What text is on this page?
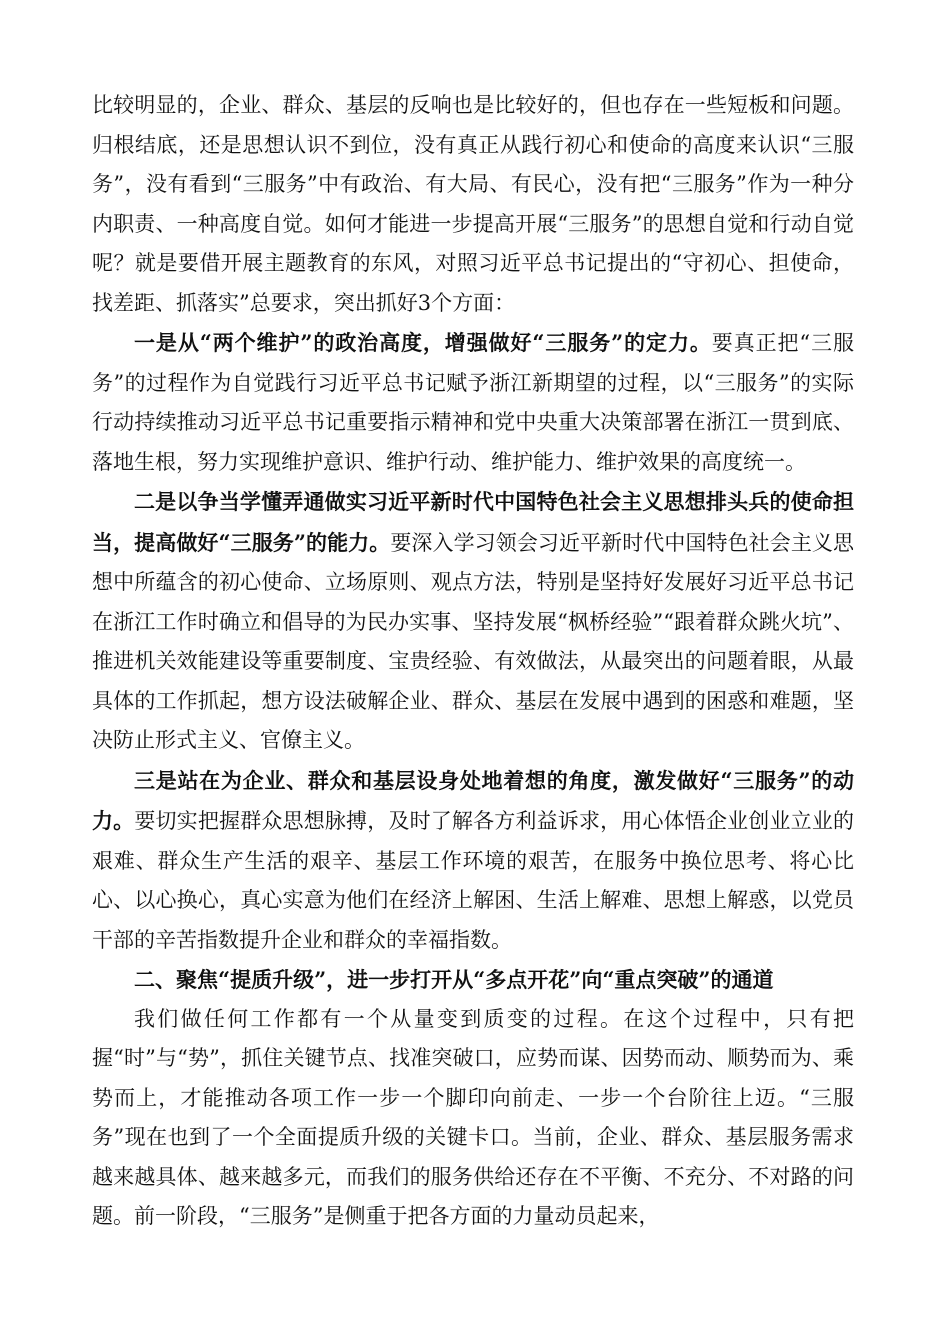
比较明显的，企业、群众、基层的反响也是比较好的，但也存在一些短板和问题。归根结底，还是思想认识不到位，没有真正从践行初心和使命的高度来认识“三服务”，没有看到“三服务”中有政治、有大局、有民心，没有把“三服务”作为一种分内职责、一种高度自觉。如何才能进一步提高开展“三服务”的思想自觉和行动自觉呢？就是要借开展主题教育的东风，对照习近平总书记提出的“守初心、担使命，找差距、抓落实”总要求，突出抓好3个方面：

一是从“两个维护”的政治高度，增强做好“三服务”的定力。要真正把“三服务”的过程作为自觉践行习近平总书记赋予浙江新期望的过程，以“三服务”的实际行动持续推动习近平总书记重要指示精神和党中央重大决策部署在浙江一贯到底、落地生根，努力实现维护意识、维护行动、维护能力、维护效果的高度统一。

二是以争当学懂弄通做实习近平新时代中国特色社会主义思想排头兵的使命担当，提高做好“三服务”的能力。要深入学习领会习近平新时代中国特色社会主义思想中所蕴含的初心使命、立场原则、观点方法，特别是坚持好发展好习近平总书记在浙江工作时确立和倡导的为民办实事、坚持发展“枫桥经验”“跟着群众跳火坑”、推进机关效能建设等重要制度、宝贵经验、有效做法，从最突出的问题着眼，从最具体的工作抓起，想方设法破解企业、群众、基层在发展中遇到的困惑和难题，坚决防止形式主义、官僚主义。

三是站在为企业、群众和基层设身处地着想的角度，激发做好“三服务”的动力。要切实把握群众思想脉搏，及时了解各方利益诉求，用心体悟企业创业立业的艰难、群众生产生活的艰辛、基层工作环境的艰苦，在服务中换位思考、将心比心、以心换心，真心实意为他们在经济上解困、生活上解难、思想上解惑，以党员干部的辛苦指数提升企业和群众的幸福指数。

二、聚焦“提质升级”，进一步打开从“多点开花”向“重点突破”的通道

我们做任何工作都有一个从量变到质变的过程。在这个过程中，只有把握“时”与“势”，抓住关键节点、找准突破口，应势而谋、因势而动、顺势而为、乘势而上，才能推动各项工作一步一个脚印向前走、一步一个台阶往上迈。“三服务”现在也到了一个全面提质升级的关键卡口。当前，企业、群众、基层服务需求越来越具体、越来越多元，而我们的服务供给还存在不平衡、不充分、不对路的问题。前一阶段，“三服务”是侧重于把各方面的力量动员起来，
